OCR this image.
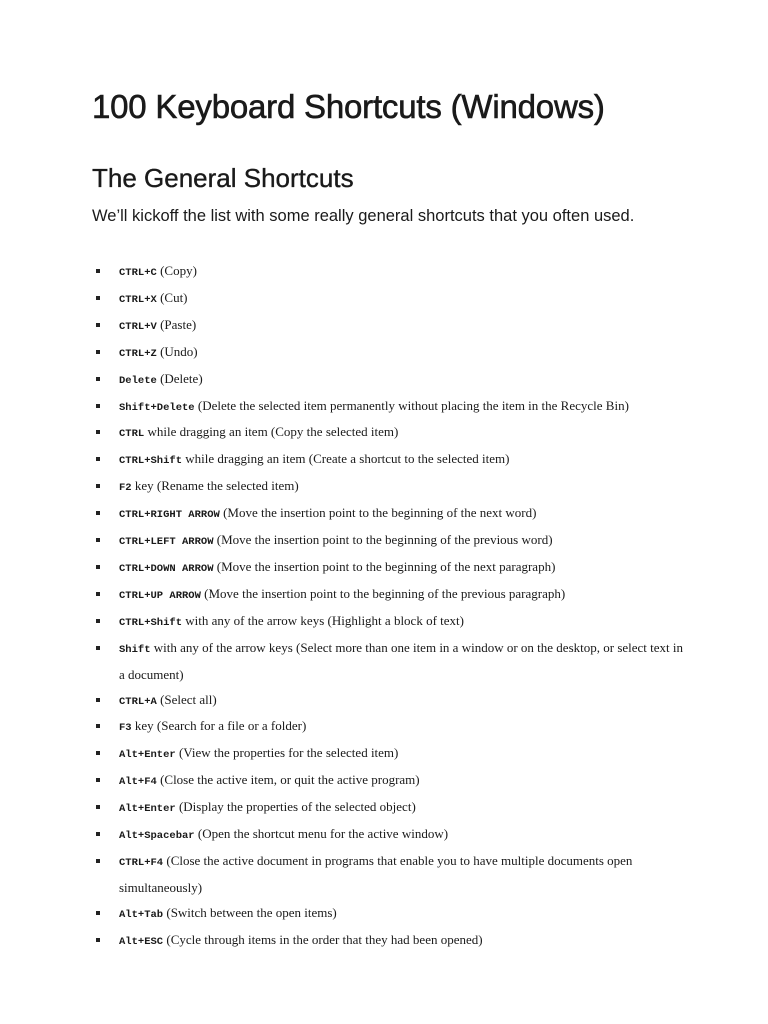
100 Keyboard Shortcuts (Windows)
The General Shortcuts

We’ll kickoff the list with some really general shortcuts that you often used.

CTRL+C (Copy)
CTRL+X (Cut)
CTRL+V (Paste)
CTRL+Z (Undo)
Delete (Delete)
Shift+Delete (Delete the selected item permanently without placing the item in the Recycle Bin)
CTRL while dragging an item (Copy the selected item)
CTRL+Shift while dragging an item (Create a shortcut to the selected item)
F2 key (Rename the selected item)
CTRL+RIGHT ARROW (Move the insertion point to the beginning of the next word)
CTRL+LEFT ARROW (Move the insertion point to the beginning of the previous word)
CTRL+DOWN ARROW (Move the insertion point to the beginning of the next paragraph)
CTRL+UP ARROW (Move the insertion point to the beginning of the previous paragraph)
CTRL+Shift with any of the arrow keys (Highlight a block of text)
Shift with any of the arrow keys (Select more than one item in a window or on the desktop, or select text in a document)
CTRL+A (Select all)
F3 key (Search for a file or a folder)
Alt+Enter (View the properties for the selected item)
Alt+F4 (Close the active item, or quit the active program)
Alt+Enter (Display the properties of the selected object)
Alt+Spacebar (Open the shortcut menu for the active window)
CTRL+F4 (Close the active document in programs that enable you to have multiple documents open simultaneously)
Alt+Tab (Switch between the open items)
Alt+ESC (Cycle through items in the order that they had been opened)
